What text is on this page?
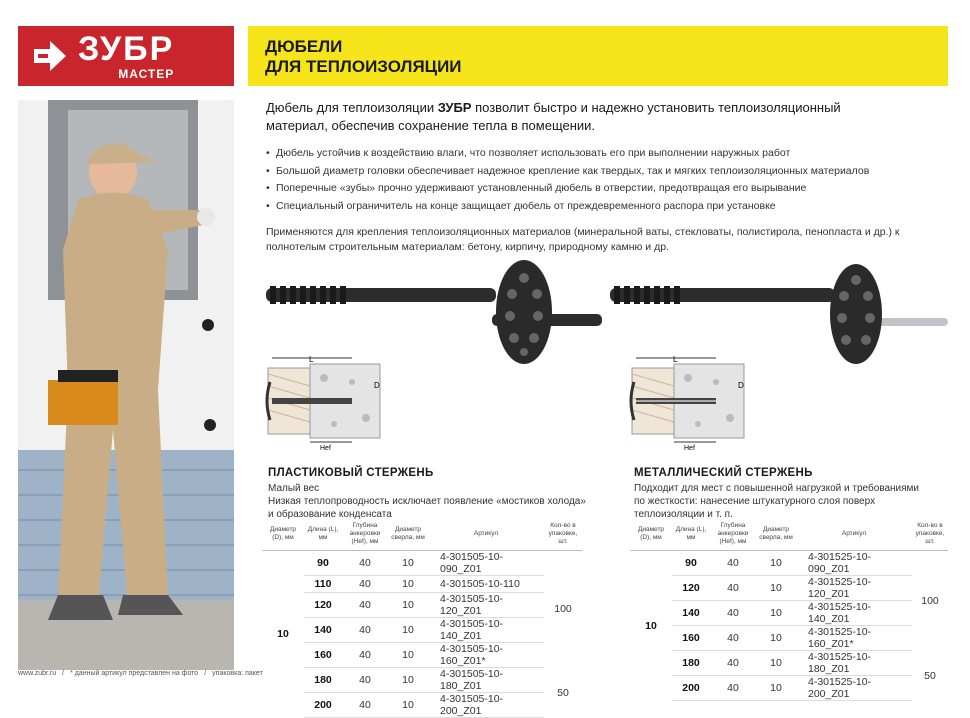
ЗУБР
МАСТЕР
ДЮБЕЛИ
ДЛЯ ТЕПЛОИЗОЛЯЦИИ
Дюбель для теплоизоляции ЗУБР позволит быстро и надежно установить теплоизоляционный материал, обеспечив сохранение тепла в помещении.
• Дюбель устойчив к воздействию влаги, что позволяет использовать его при выполнении наружных работ
• Большой диаметр головки обеспечивает надежное крепление как твердых, так и мягких теплоизоляционных материалов
• Поперечные «зубы» прочно удерживают установленный дюбель в отверстии, предотвращая его вырывание
• Специальный ограничитель на конце защищает дюбель от преждевременного распора при установке
Применяются для крепления теплоизоляционных материалов (минеральной ваты, стекловаты, полистирола, пенопласта и др.) к полнотелым строительным материалам: бетону, кирпичу, природному камню и др.
L
Hef
D
L
Hef
D
ПЛАСТИКОВЫЙ СТЕРЖЕНЬ
Малый вес
Низкая теплопроводность исключает появление «мостиков холода» и образование конденсата
Диаметр (D), мм	Длина (L), мм	Глубина анкеровки (Hef), мм	Диаметр сверла, мм	Артикул	Кол-во в упаковке, шт.
10	90	40	10	4-301505-10-090_Z01	100
	110	40	10	4-301505-10-110	
	120	40	10	4-301505-10-120_Z01	
	140	40	10	4-301505-10-140_Z01	
	160	40	10	4-301505-10-160_Z01*	
	180	40	10	4-301505-10-180_Z01	50
	200	40	10	4-301505-10-200_Z01	
МЕТАЛЛИЧЕСКИЙ СТЕРЖЕНЬ
Подходит для мест с повышенной нагрузкой и требованиями
по жесткости: нанесение штукатурного слоя поверх теплоизоляции и т. п.
Диаметр (D), мм	Длина (L), мм	Глубина анкеровки (Hef), мм	Диаметр сверла, мм	Артикул	Кол-во в упаковке, шт.
10	90	40	10	4-301525-10-090_Z01	100
	120	40	10	4-301525-10-120_Z01	
	140	40	10	4-301525-10-140_Z01	
	160	40	10	4-301525-10-160_Z01*	
	180	40	10	4-301525-10-180_Z01	50
	200	40	10	4-301525-10-200_Z01	
www.zubr.ru / * данный артикул представлен на фото / упаковка: пакет
